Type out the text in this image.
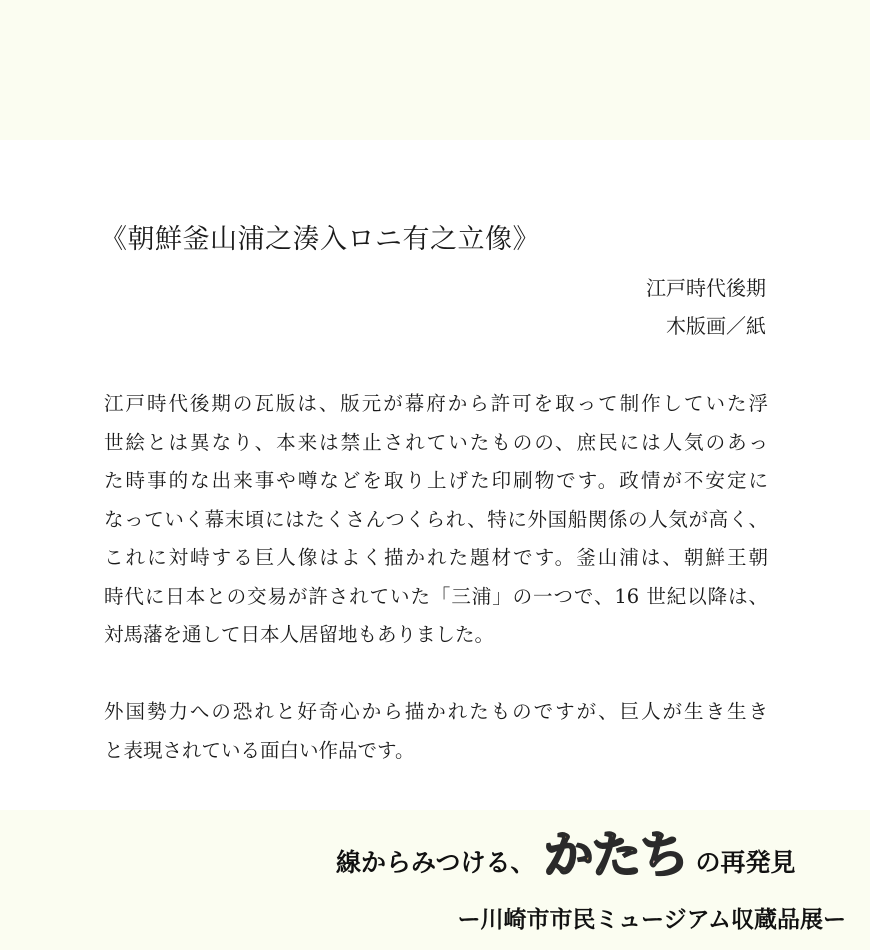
《朝鮮釜山浦之湊入ロニ有之立像》
江戸時代後期
木版画／紙
江戸時代後期の瓦版は、版元が幕府から許可を取って制作していた浮
世絵とは異なり、本来は禁止されていたものの、庶民には人気のあっ
た時事的な出来事や噂などを取り上げた印刷物です。政情が不安定に
なっていく幕末頃にはたくさんつくられ、特に外国船関係の人気が高く、
これに対峙する巨人像はよく描かれた題材です。釜山浦は、朝鮮王朝
時代に日本との交易が許されていた「三浦」の一つで、16 世紀以降は、
対馬藩を通して日本人居留地もありました。
外国勢力への恐れと好奇心から描かれたものですが、巨人が生き生き
と表現されている面白い作品です。
線からみつける、 かたち の再発見
ー川崎市市民ミュージアム収蔵品展ー
